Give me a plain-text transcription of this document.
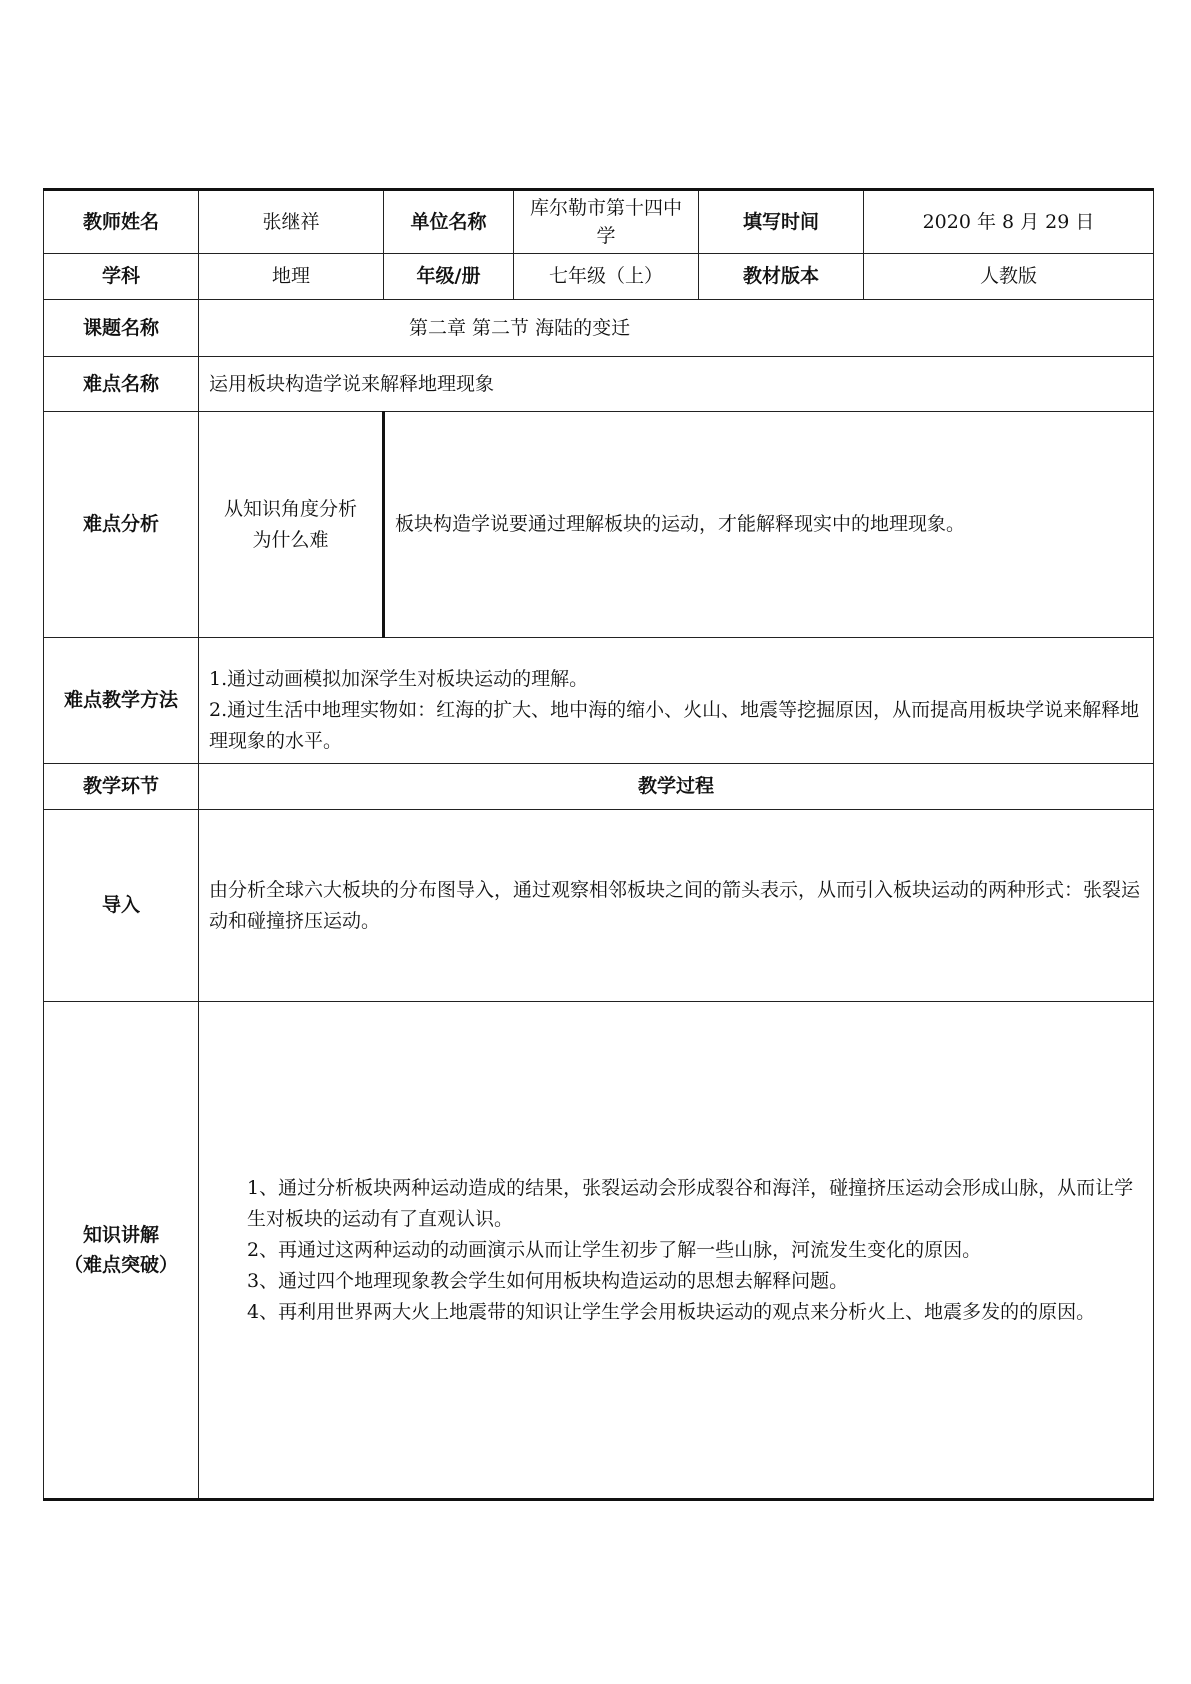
教师姓名	张继祥	单位名称	库尔勒市第十四中学	填写时间	2020 年 8 月 29 日
学科	地理	年级/册	七年级（上）	教材版本	人教版
课题名称	第二章 第二节 海陆的变迁				
难点名称	运用板块构造学说来解释地理现象				
难点分析	从知识角度分析为什么难	板块构造学说要通过理解板块的运动，才能解释现实中的地理现象。			
难点教学方法	1.通过动画模拟加深学生对板块运动的理解。
2.通过生活中地理实物如：红海的扩大、地中海的缩小、火山、地震等挖掘原因，从而提高用板块学说来解释地理现象的水平。				

教学环节	教学过程				
导入	由分析全球六大板块的分布图导入，通过观察相邻板块之间的箭头表示，从而引入板块运动的两种形式：张裂运动和碰撞挤压运动。				

知识讲解
（难点突破）	1、通过分析板块两种运动造成的结果，张裂运动会形成裂谷和海洋，碰撞挤压运动会形成山脉，从而让学生对板块的运动有了直观认识。
2、再通过这两种运动的动画演示从而让学生初步了解一些山脉，河流发生变化的原因。
3、通过四个地理现象教会学生如何用板块构造运动的思想去解释问题。
4、再利用世界两大火上地震带的知识让学生学会用板块运动的观点来分析火上、地震多发的的原因。				
